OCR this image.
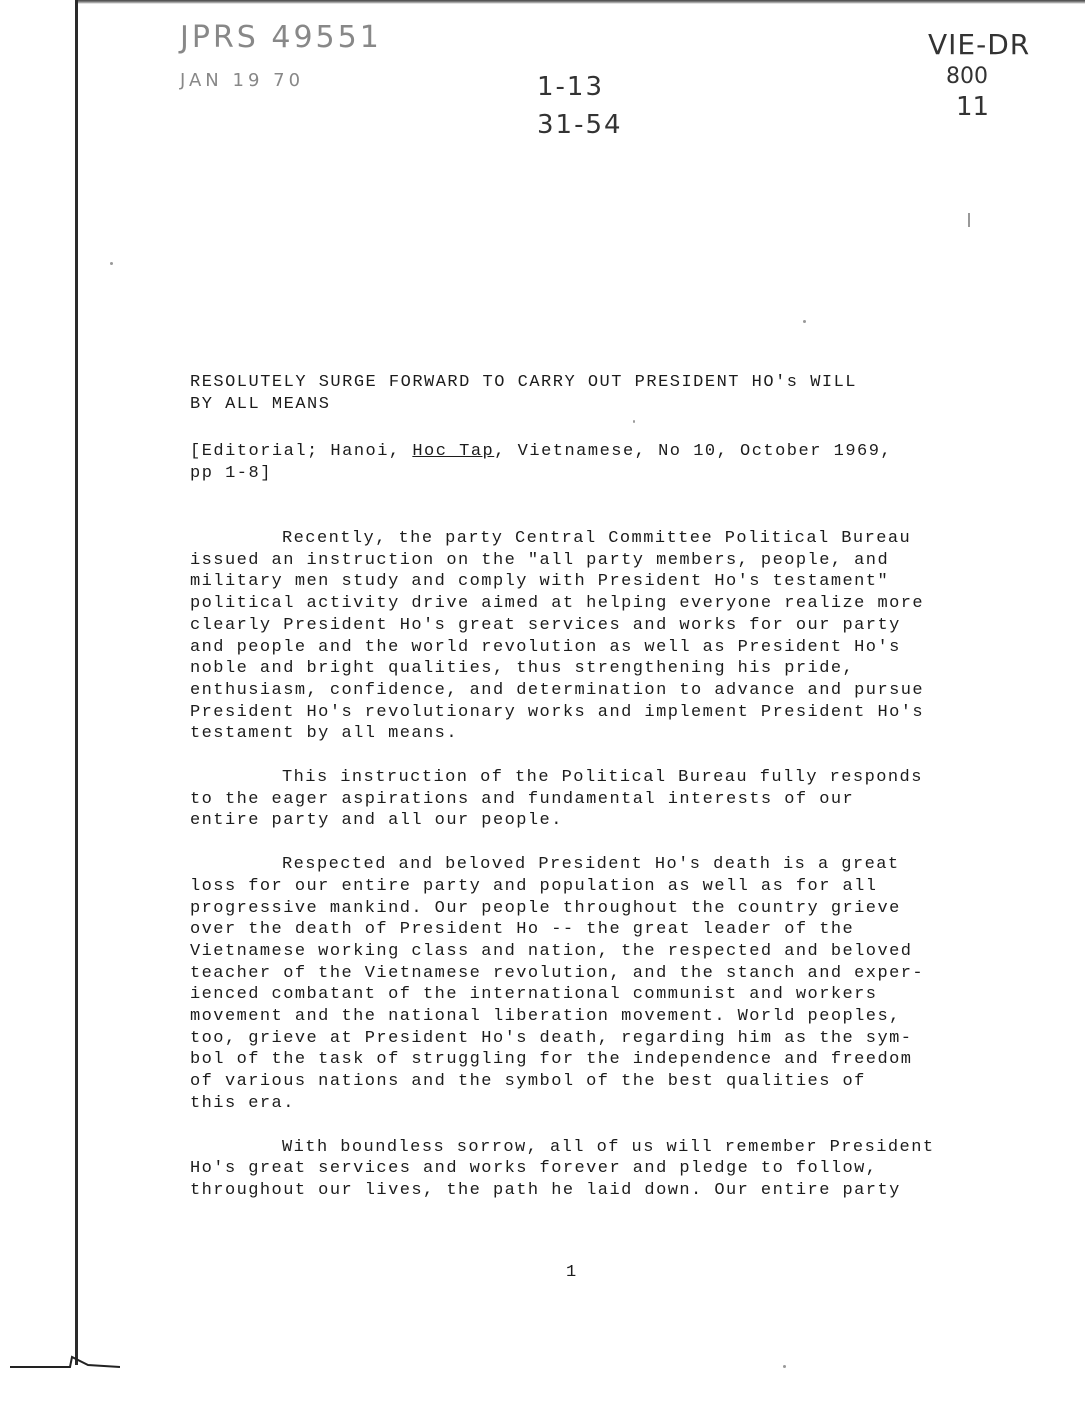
JPRS 49551
JAN 19 70	1-13
31-54
VIE-DR
800
11
RESOLUTELY SURGE FORWARD TO CARRY OUT PRESIDENT HO's WILL
BY ALL MEANS

[Editorial; Hanoi, Hoc Tap, Vietnamese, No 10, October 1969,
pp 1-8]

Recently, the party Central Committee Political Bureau
issued an instruction on the "all party members, people, and
military men study and comply with President Ho's testament"
political activity drive aimed at helping everyone realize more
clearly President Ho's great services and works for our party
and people and the world revolution as well as President Ho's
noble and bright qualities, thus strengthening his pride,
enthusiasm, confidence, and determination to advance and pursue
President Ho's revolutionary works and implement President Ho's
testament by all means.

This instruction of the Political Bureau fully responds
to the eager aspirations and fundamental interests of our
entire party and all our people.

Respected and beloved President Ho's death is a great
loss for our entire party and population as well as for all
progressive mankind. Our people throughout the country grieve
over the death of President Ho -- the great leader of the
Vietnamese working class and nation, the respected and beloved
teacher of the Vietnamese revolution, and the stanch and exper-
ienced combatant of the international communist and workers
movement and the national liberation movement. World peoples,
too, grieve at President Ho's death, regarding him as the sym-
bol of the task of struggling for the independence and freedom
of various nations and the symbol of the best qualities of
this era.

With boundless sorrow, all of us will remember President
Ho's great services and works forever and pledge to follow,
throughout our lives, the path he laid down. Our entire party

1
